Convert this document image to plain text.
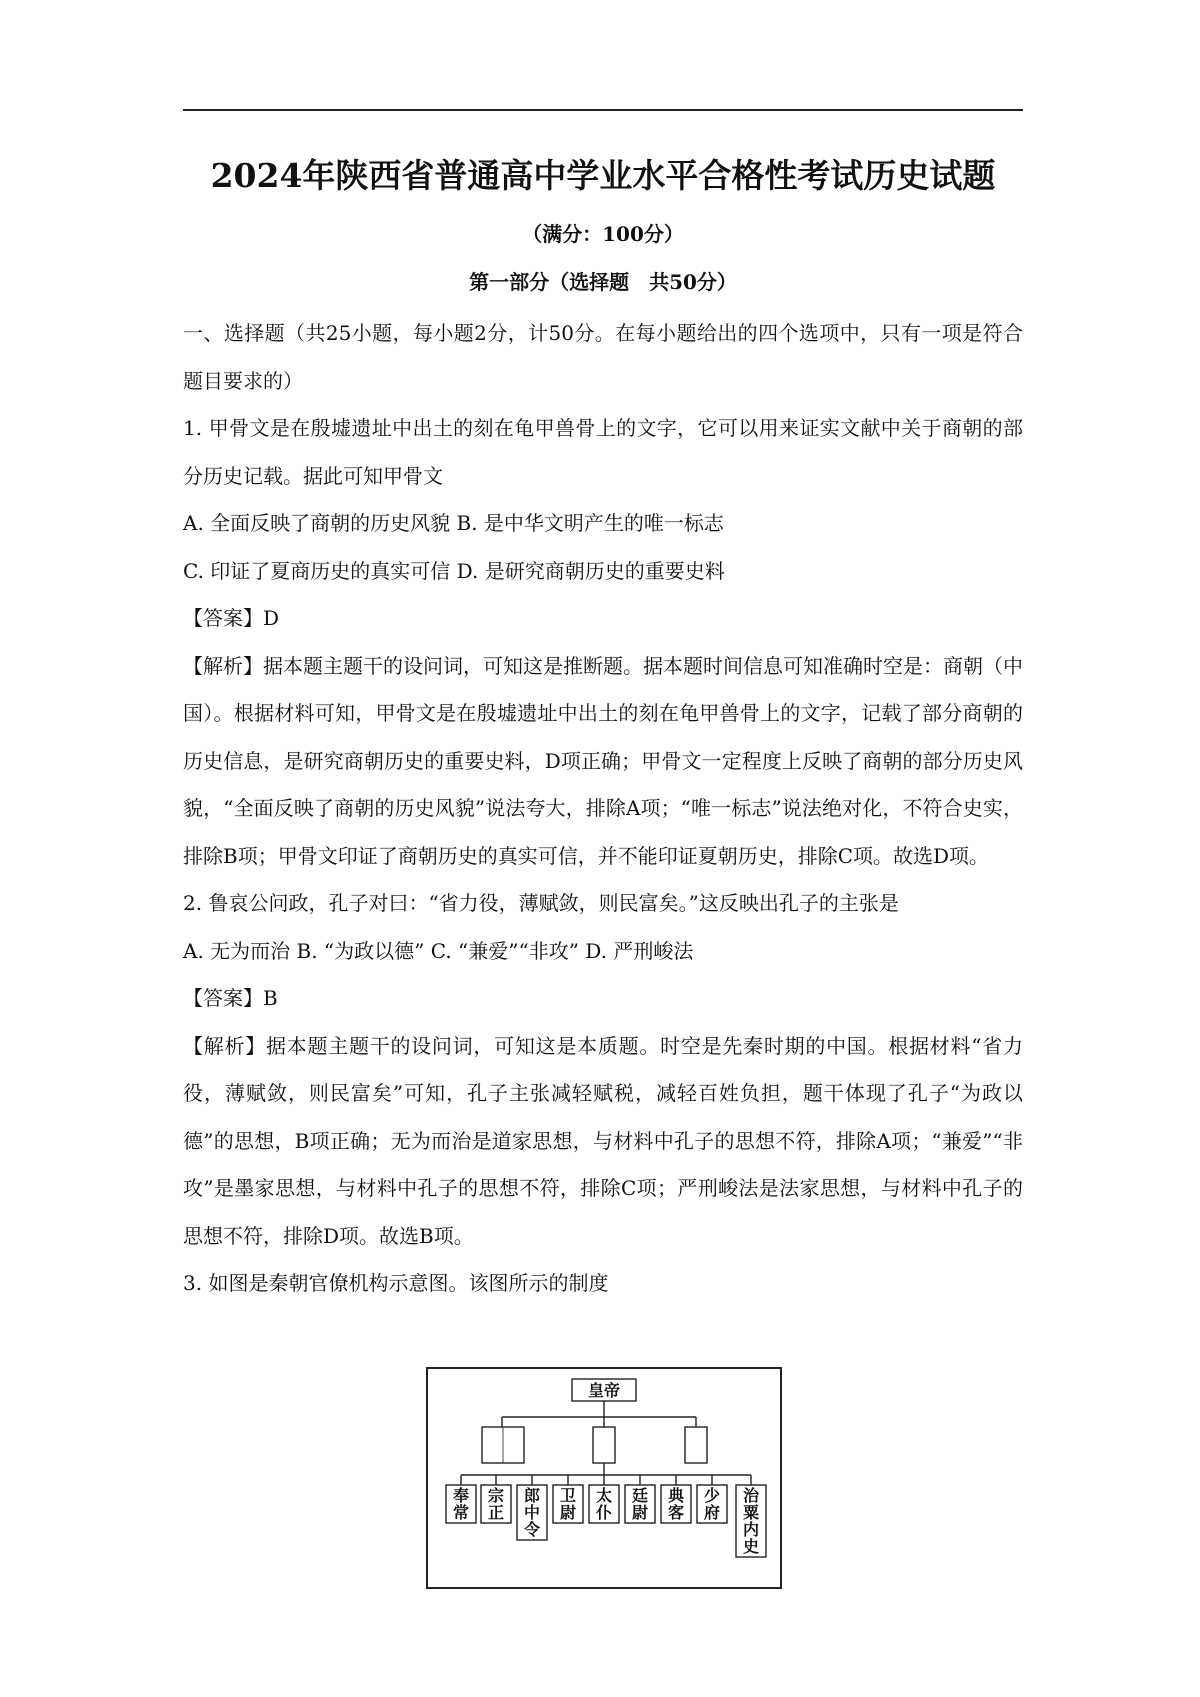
2024年陕西省普通高中学业水平合格性考试历史试题
（满分：100分）
第一部分（选择题　共50分）

一、选择题（共25小题，每小题2分，计50分。在每小题给出的四个选项中，只有一项是符合题目要求的）

1. 甲骨文是在殷墟遗址中出土的刻在龟甲兽骨上的文字，它可以用来证实文献中关于商朝的部分历史记载。据此可知甲骨文

A. 全面反映了商朝的历史风貌 B. 是中华文明产生的唯一标志

C. 印证了夏商历史的真实可信 D. 是研究商朝历史的重要史料

【答案】D

【解析】据本题主题干的设问词，可知这是推断题。据本题时间信息可知准确时空是：商朝（中国）。根据材料可知，甲骨文是在殷墟遗址中出土的刻在龟甲兽骨上的文字，记载了部分商朝的历史信息，是研究商朝历史的重要史料，D项正确；甲骨文一定程度上反映了商朝的部分历史风貌，“全面反映了商朝的历史风貌”说法夸大，排除A项；“唯一标志”说法绝对化，不符合史实，排除B项；甲骨文印证了商朝历史的真实可信，并不能印证夏朝历史，排除C项。故选D项。

2. 鲁哀公问政，孔子对曰：“省力役，薄赋敛，则民富矣。”这反映出孔子的主张是

A. 无为而治 B. “为政以德” C. “兼爱”“非攻” D. 严刑峻法

【答案】B

【解析】据本题主题干的设问词，可知这是本质题。时空是先秦时期的中国。根据材料“省力役，薄赋敛，则民富矣”可知，孔子主张减轻赋税，减轻百姓负担，题干体现了孔子“为政以德”的思想，B项正确；无为而治是道家思想，与材料中孔子的思想不符，排除A项；“兼爱”“非攻”是墨家思想，与材料中孔子的思想不符，排除C项；严刑峻法是法家思想，与材料中孔子的思想不符，排除D项。故选B项。

3. 如图是秦朝官僚机构示意图。该图所示的制度

皇帝
奉常
宗正
郎中令
卫尉
太仆
廷尉
典客
少府
治粟内史
